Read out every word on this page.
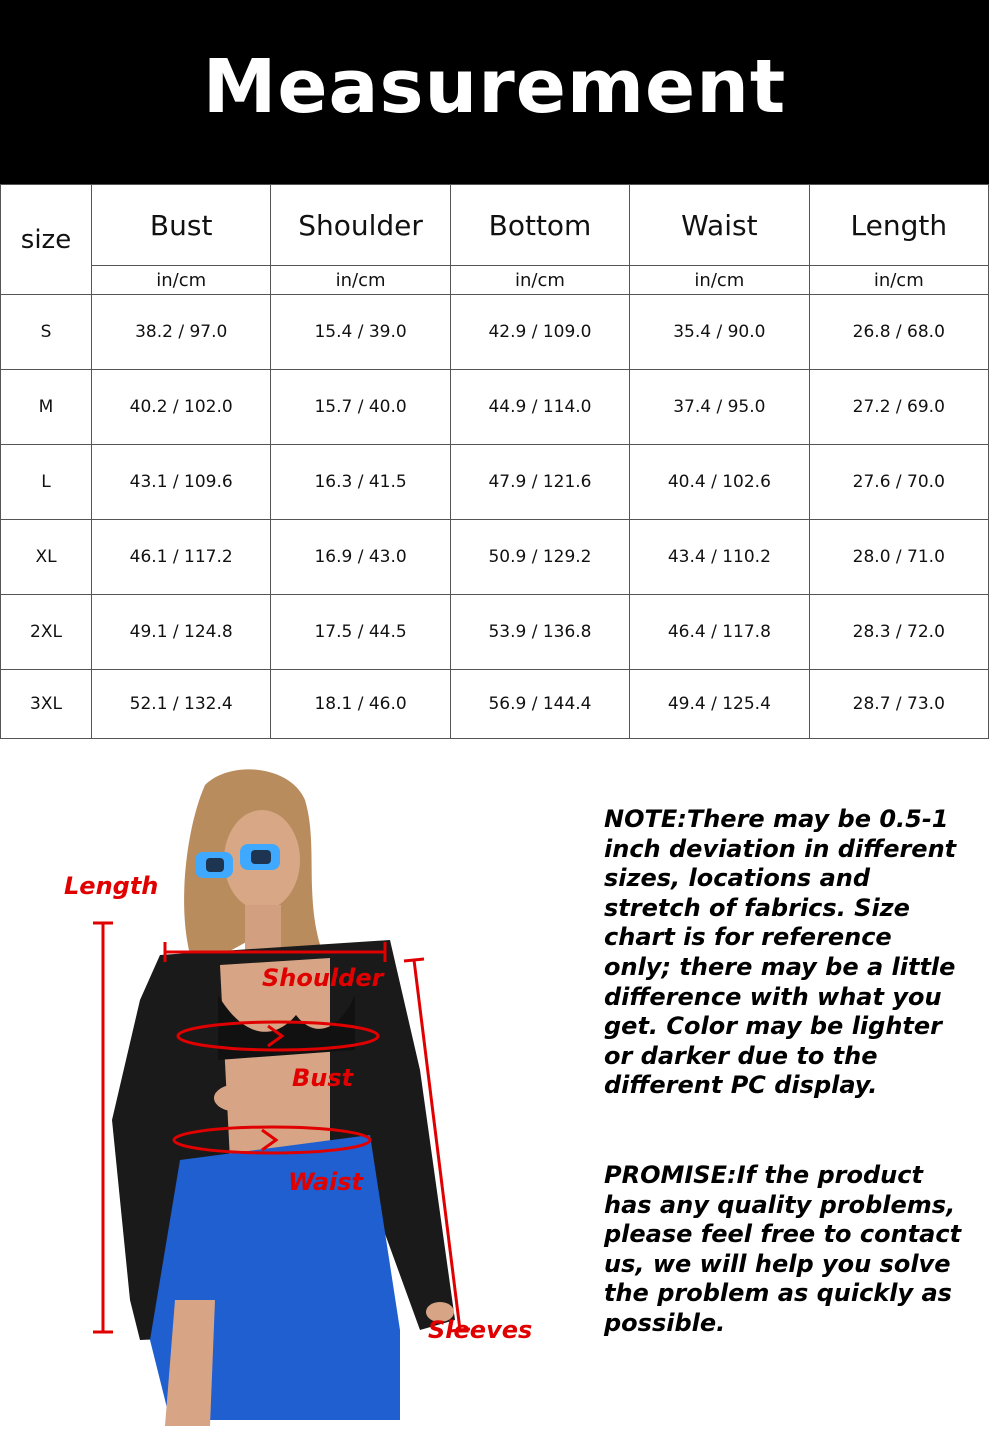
Measurement
size	Bust	Shoulder	Bottom	Waist	Length
	in/cm	in/cm	in/cm	in/cm	in/cm
S	38.2 / 97.0	15.4 / 39.0	42.9 / 109.0	35.4 / 90.0	26.8 / 68.0
M	40.2 / 102.0	15.7 / 40.0	44.9 / 114.0	37.4 / 95.0	27.2 / 69.0
L	43.1 / 109.6	16.3 / 41.5	47.9 / 121.6	40.4 / 102.6	27.6 / 70.0
XL	46.1 / 117.2	16.9 / 43.0	50.9 / 129.2	43.4 / 110.2	28.0 / 71.0
2XL	49.1 / 124.8	17.5 / 44.5	53.9 / 136.8	46.4 / 117.8	28.3 / 72.0
3XL	52.1 / 132.4	18.1 / 46.0	56.9 / 144.4	49.4 / 125.4	28.7 / 73.0
Length
Shoulder
Bust
Waist
Sleeves

NOTE:There may be 0.5-1 inch deviation in different sizes, locations and stretch of fabrics. Size chart is for reference only; there may be a little difference with what you get. Color may be lighter or darker due to the different PC display.

PROMISE:If the product has any quality problems, please feel free to contact us, we will help you solve the problem as quickly as possible.
